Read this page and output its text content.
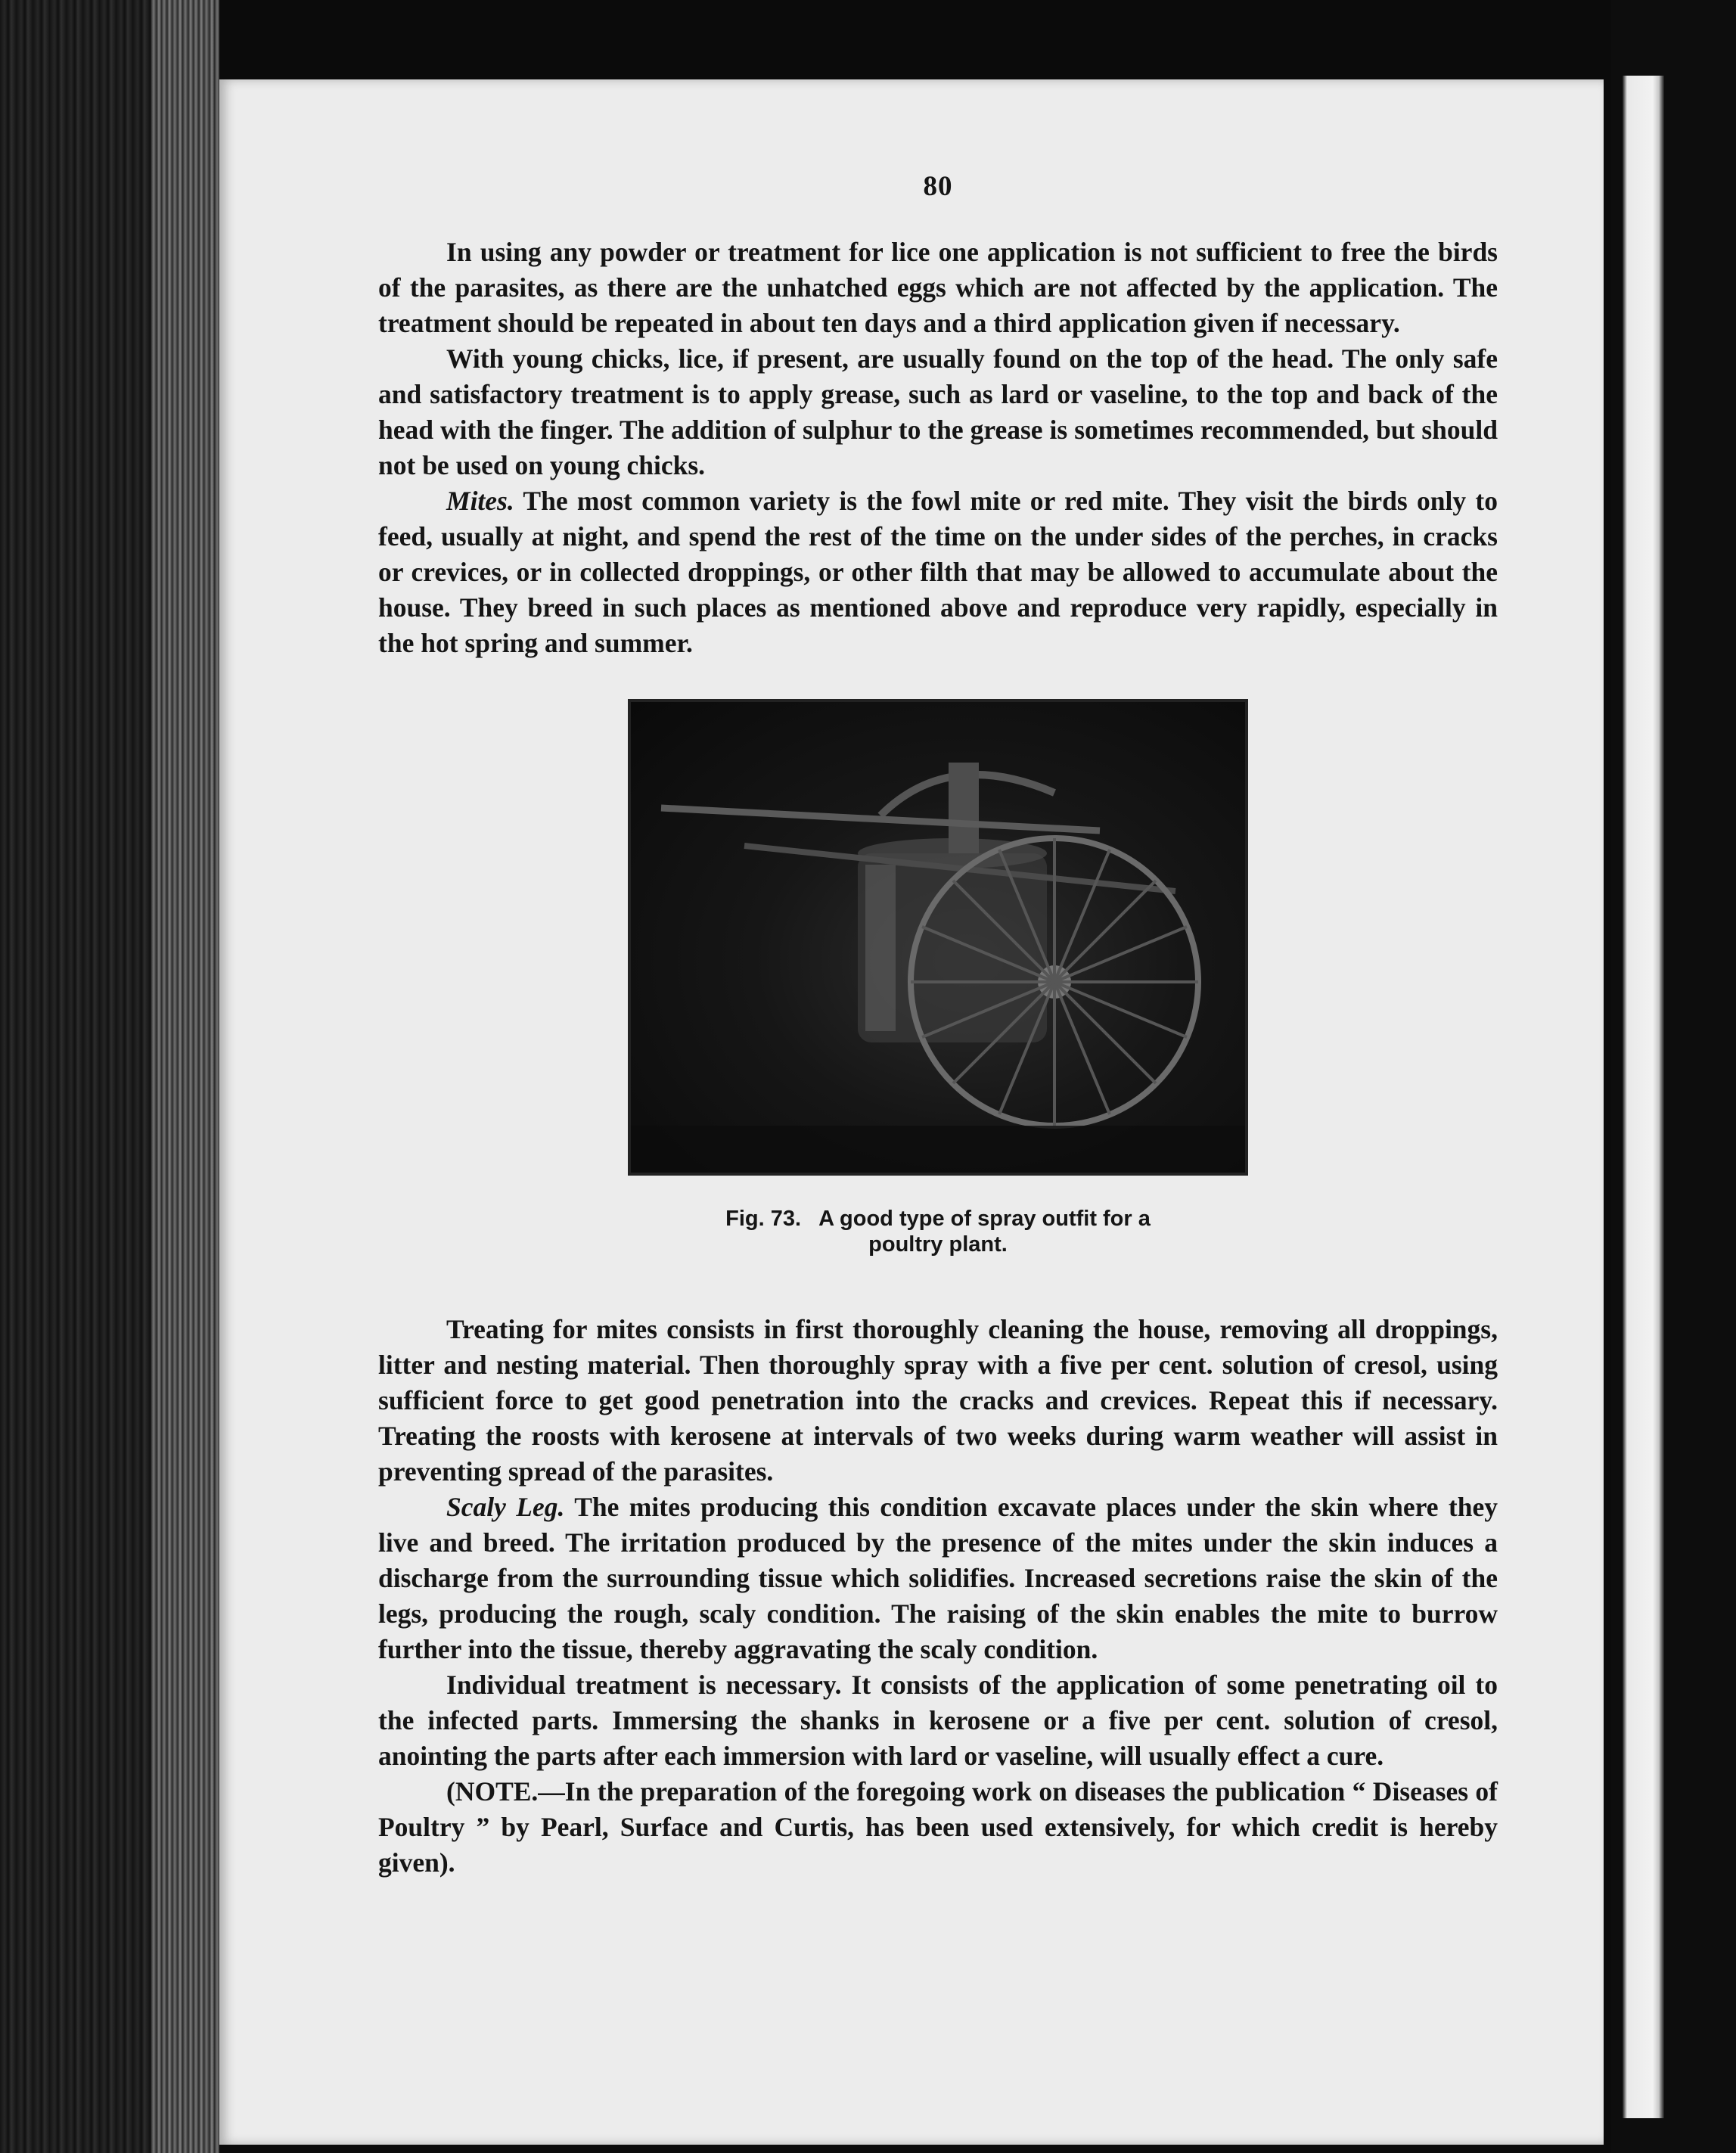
80

In using any powder or treatment for lice one application is not sufficient to free the birds of the parasites, as there are the unhatched eggs which are not affected by the application. The treatment should be repeated in about ten days and a third application given if necessary.

With young chicks, lice, if present, are usually found on the top of the head. The only safe and satisfactory treatment is to apply grease, such as lard or vaseline, to the top and back of the head with the finger. The addition of sulphur to the grease is sometimes recommended, but should not be used on young chicks.

Mites. The most common variety is the fowl mite or red mite. They visit the birds only to feed, usually at night, and spend the rest of the time on the under sides of the perches, in cracks or crevices, or in collected droppings, or other filth that may be allowed to accumulate about the house. They breed in such places as mentioned above and reproduce very rapidly, especially in the hot spring and summer.

Fig. 73.   A good type of spray outfit for a
poultry plant.

Treating for mites consists in first thoroughly cleaning the house, removing all droppings, litter and nesting material. Then thoroughly spray with a five per cent. solution of cresol, using sufficient force to get good penetration into the cracks and crevices. Repeat this if necessary. Treating the roosts with kerosene at intervals of two weeks during warm weather will assist in preventing spread of the parasites.

Scaly Leg. The mites producing this condition excavate places under the skin where they live and breed. The irritation produced by the presence of the mites under the skin induces a discharge from the surrounding tissue which solidifies. Increased secretions raise the skin of the legs, producing the rough, scaly condition. The raising of the skin enables the mite to burrow further into the tissue, thereby aggravating the scaly condition.

Individual treatment is necessary. It consists of the application of some penetrating oil to the infected parts. Immersing the shanks in kerosene or a five per cent. solution of cresol, anointing the parts after each immersion with lard or vaseline, will usually effect a cure.

(NOTE.—In the preparation of the foregoing work on diseases the publication “ Diseases of Poultry ” by Pearl, Surface and Curtis, has been used extensively, for which credit is hereby given).
